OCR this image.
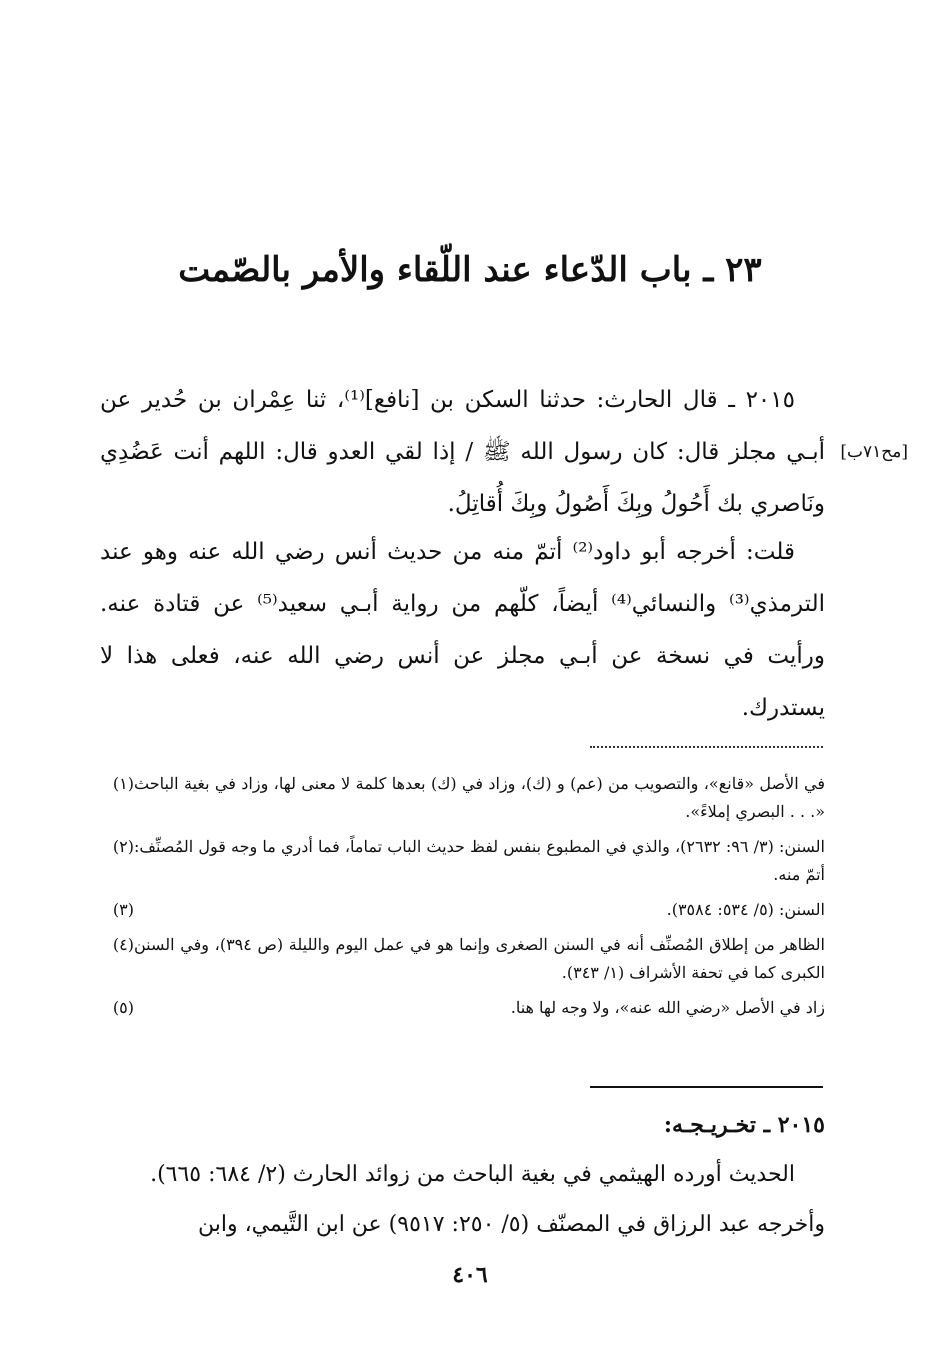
٢٣ ـ باب الدّعاء عند اللّقاء والأمر بالصّمت
[مح٧١ب]
٢٠١٥ ـ قال الحارث: حدثنا السكن بن [نافع]⁽¹⁾، ثنا عِمْران بن حُدير عن أبـي مجلز قال: كان رسول الله ﷺ / إذا لقي العدو قال: اللهم أنت عَضُدِي ونَاصري بك أَحُولُ وبِكَ أَصُولُ وبِكَ أُقاتِلُ.
قلت: أخرجه أبو داود⁽²⁾ أتمّ منه من حديث أنس رضي الله عنه وهو عند الترمذي⁽³⁾ والنسائي⁽⁴⁾ أيضاً، كلّهم من رواية أبـي سعيد⁽⁵⁾ عن قتادة عنه. ورأيت في نسخة عن أبـي مجلز عن أنس رضي الله عنه، فعلى هذا لا يستدرك.
(١) في الأصل «قانع»، والتصويب من (عم) و (ك)، وزاد في (ك) بعدها كلمة لا معنى لها، وزاد في بغية الباحث «. . . البصري إملاءً».
(٢) السنن: (٣/ ٩٦: ٢٦٣٢)، والذي في المطبوع بنفس لفظ حديث الباب تماماً، فما أدري ما وجه قول المُصنِّف: أتمّ منه.
(٣)	السنن: (٥/ ٥٣٤: ٣٥٨٤).
(٤) الظاهر من إطلاق المُصنِّف أنه في السنن الصغرى وإنما هو في عمل اليوم والليلة (ص ٣٩٤)، وفي السنن الكبرى كما في تحفة الأشراف (١/ ٣٤٣).
(٥)	زاد في الأصل «رضي الله عنه»، ولا وجه لها هنا.
٢٠١٥ ـ تخـريـجـه:
الحديث أورده الهيثمي في بغية الباحث من زوائد الحارث (٢/ ٦٨٤: ٦٦٥).
وأخرجه عبد الرزاق في المصنّف (٥/ ٢٥٠: ٩٥١٧) عن ابن التَّيمي، وابن
٤٠٦
